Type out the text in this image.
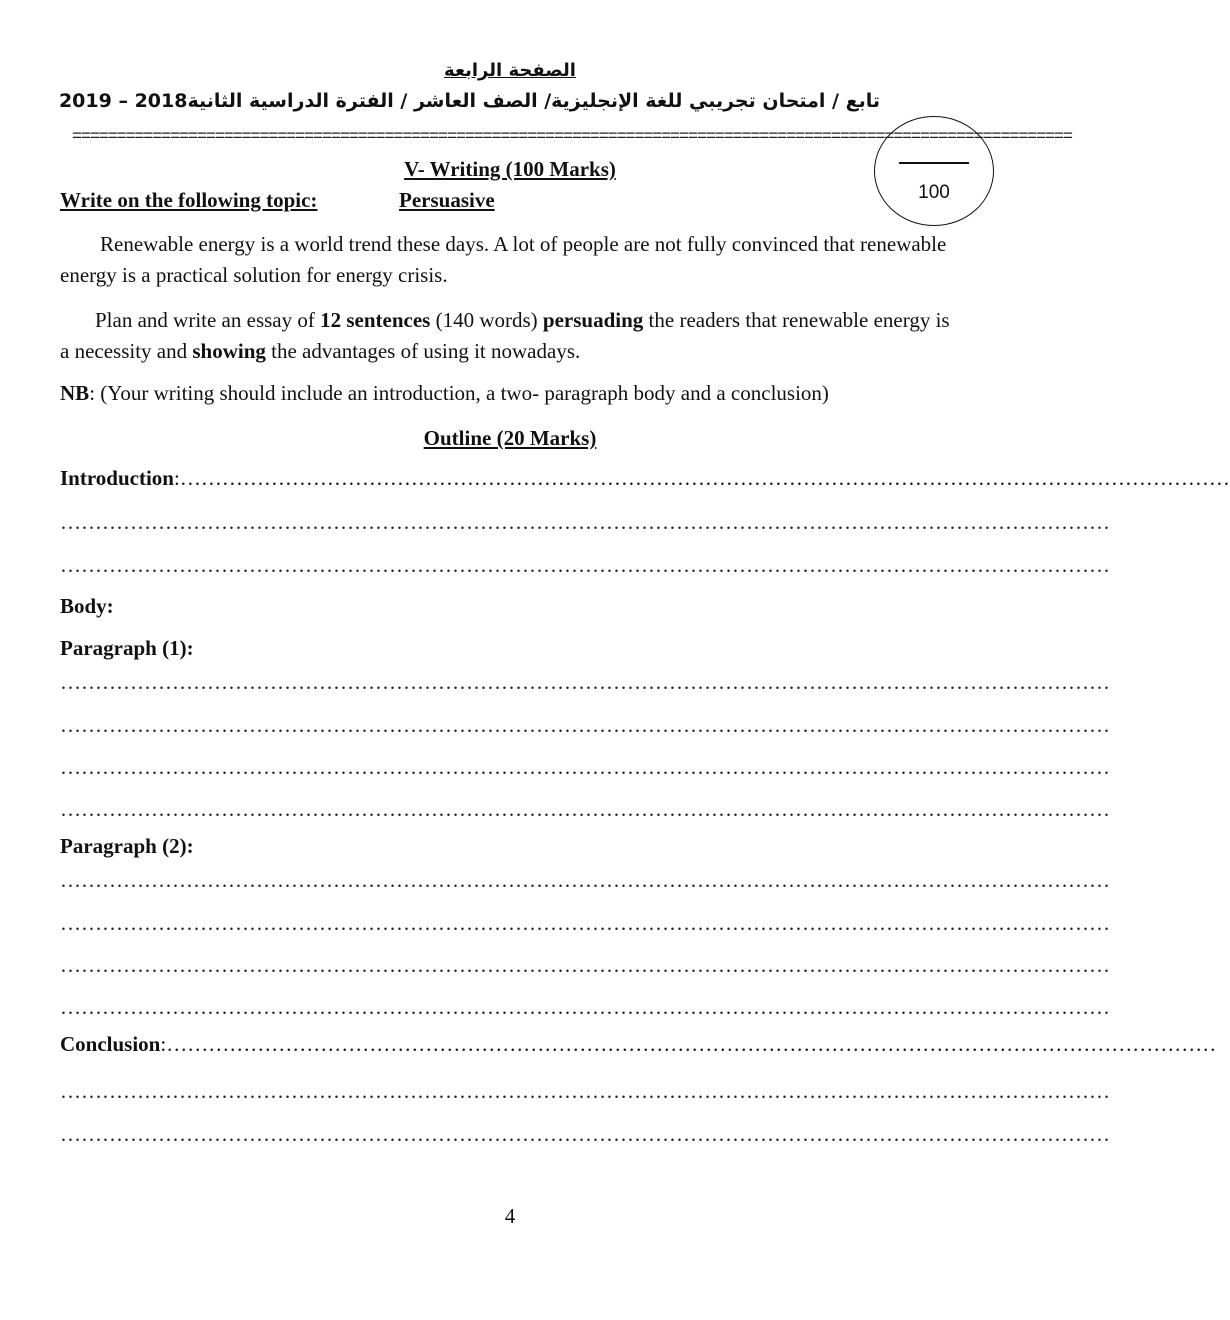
الصفحة الرابعة
تابع / امتحان تجريبي للغة الإنجليزية/ الصف العاشر / الفترة الدراسية الثانية2018 – 2019
================================================================================================================
100
V- Writing (100 Marks)
Write on the following topic:	Persuasive
Renewable energy is a world trend these days. A lot of people are not fully convinced that renewable energy is a practical solution for energy crisis.
Plan and write an essay of 12 sentences (140 words) persuading the readers that renewable energy is a necessity and showing the advantages of using it nowadays.
NB: (Your writing should include an introduction, a two- paragraph body and a conclusion)
Outline (20 Marks)
Introduction:……………………………………………………………………………………………………………………………………
……………………………………………………………………………………………………………………………………
……………………………………………………………………………………………………………………………………
Body:
Paragraph (1):
……………………………………………………………………………………………………………………………………
……………………………………………………………………………………………………………………………………
……………………………………………………………………………………………………………………………………
……………………………………………………………………………………………………………………………………
Paragraph (2):
……………………………………………………………………………………………………………………………………
……………………………………………………………………………………………………………………………………
……………………………………………………………………………………………………………………………………
……………………………………………………………………………………………………………………………………
Conclusion:……………………………………………………………………………………………………………………………………
……………………………………………………………………………………………………………………………………
……………………………………………………………………………………………………………………………………
4
